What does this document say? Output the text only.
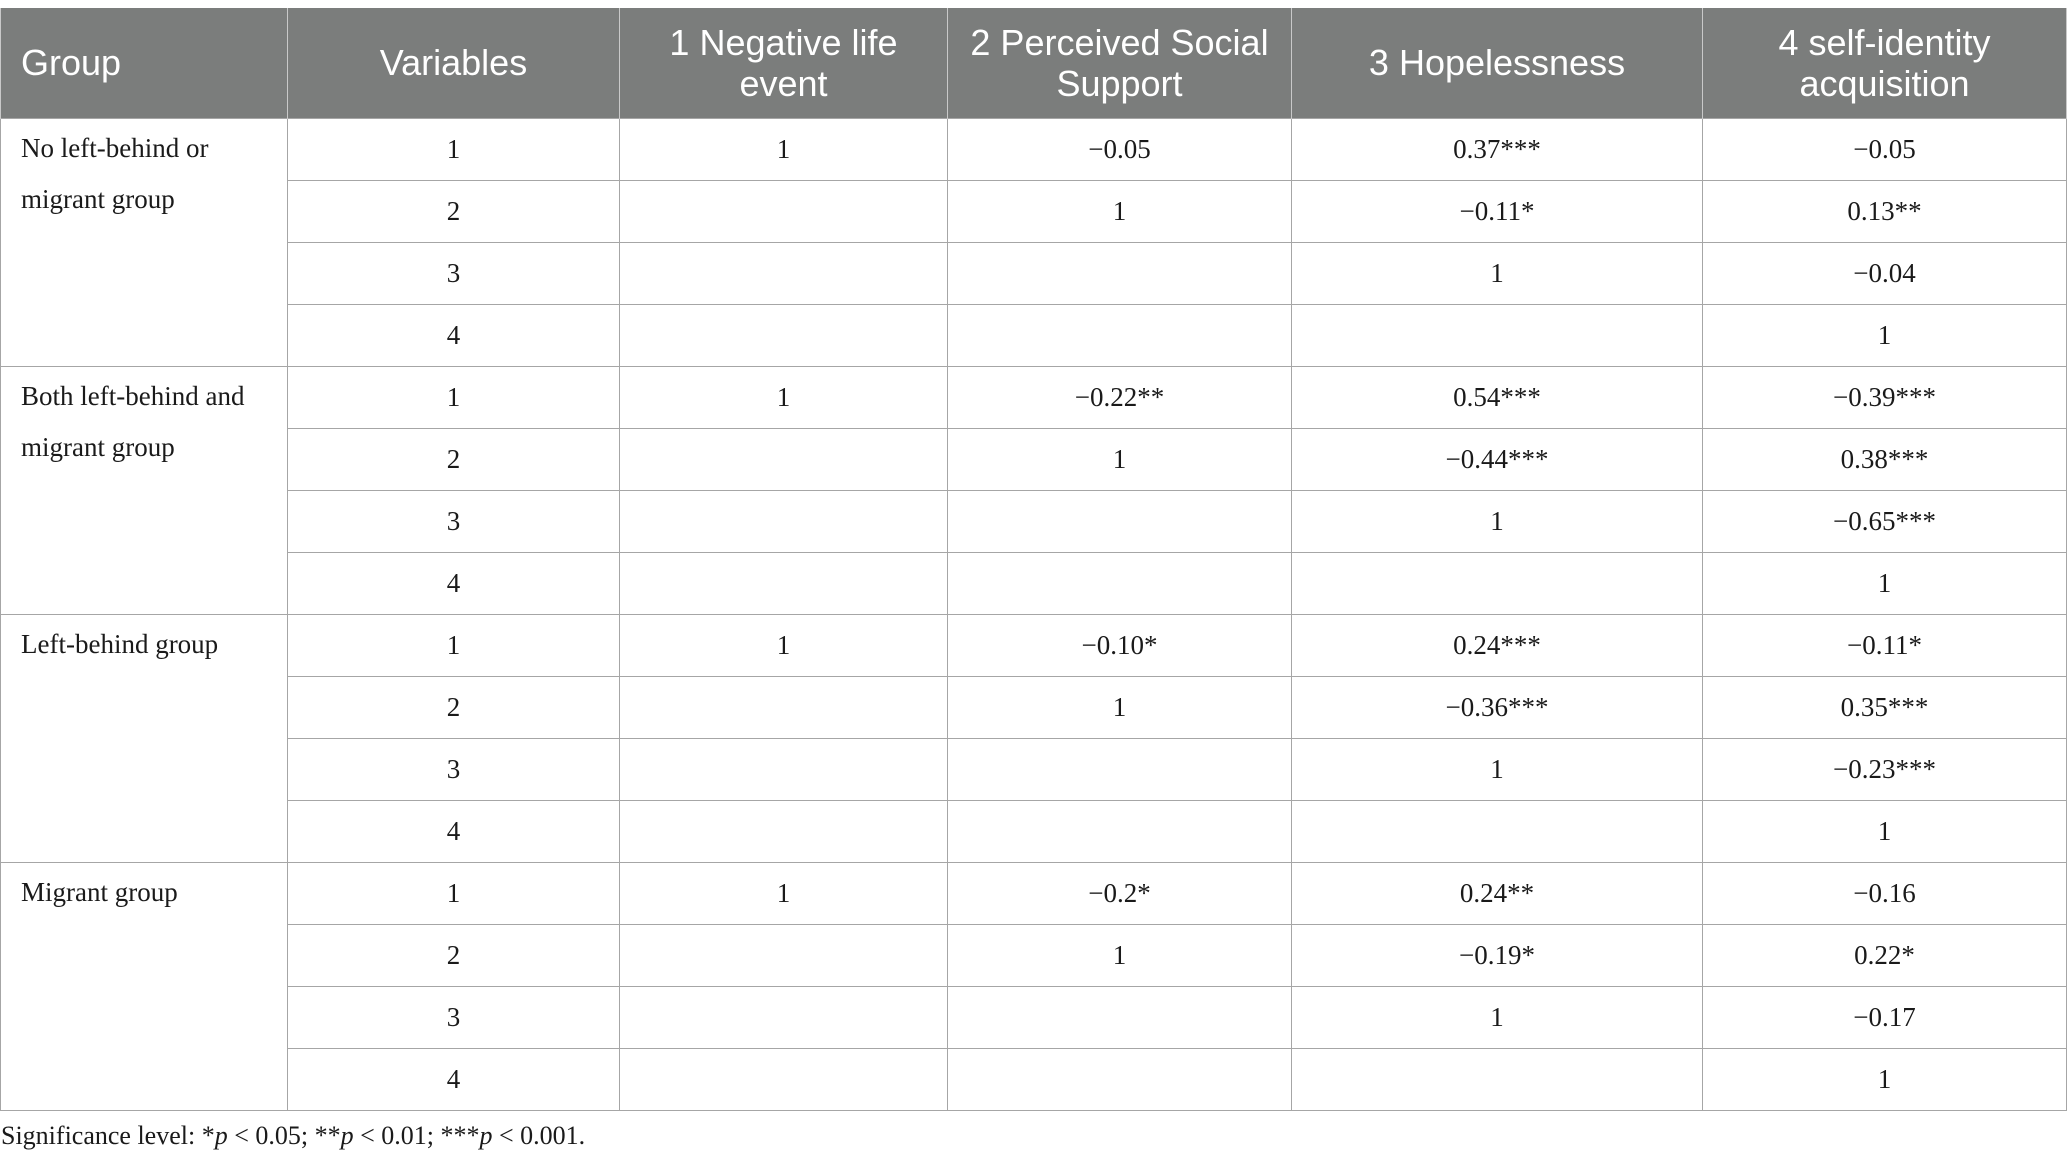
Group	Variables	1 Negative life event	2 Perceived Social Support	3 Hopelessness	4 self-identity acquisition
No left-behind or migrant group	1	1	−0.05	0.37***	−0.05
	2		1	−0.11*	0.13**
	3			1	−0.04
	4				1
Both left-behind and migrant group	1	1	−0.22**	0.54***	−0.39***
	2		1	−0.44***	0.38***
	3			1	−0.65***
	4				1
Left-behind group	1	1	−0.10*	0.24***	−0.11*
	2		1	−0.36***	0.35***
	3			1	−0.23***
	4				1
Migrant group	1	1	−0.2*	0.24**	−0.16
	2		1	−0.19*	0.22*
	3			1	−0.17
	4				1
Significance level: *p < 0.05; **p < 0.01; ***p < 0.001.
